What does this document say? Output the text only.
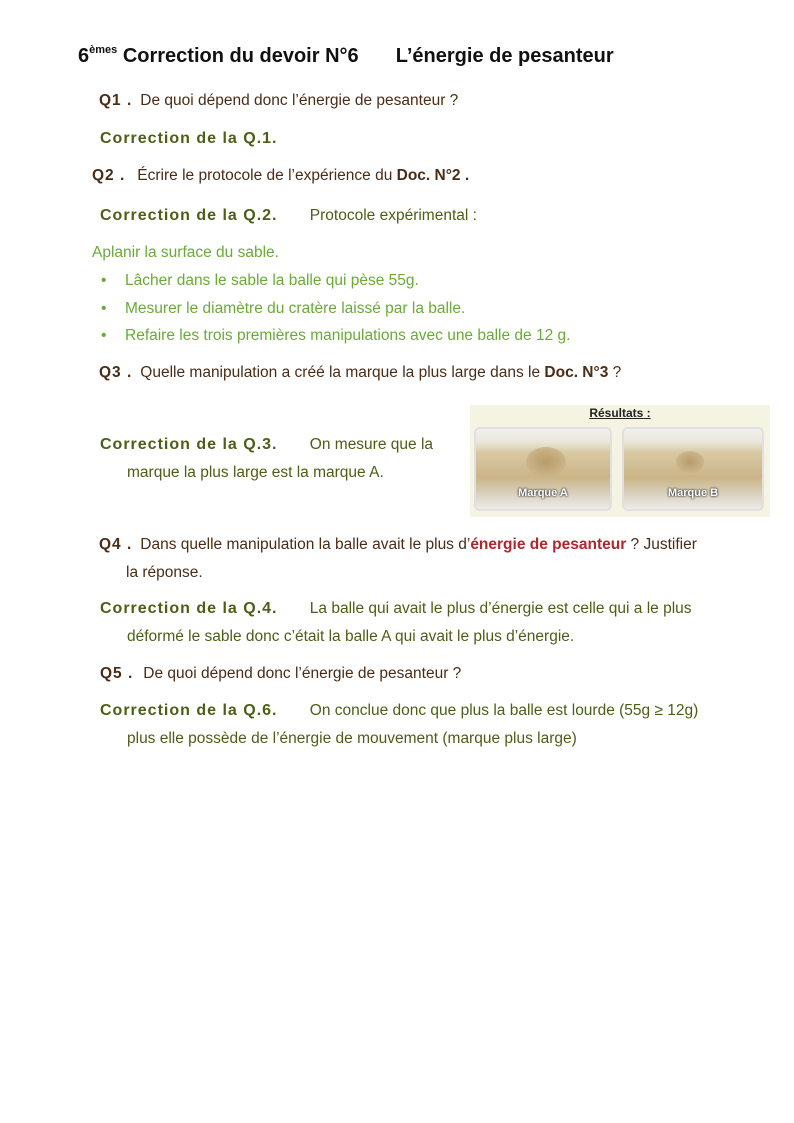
6èmes Correction du devoir N°6 L’énergie de pesanteur
Q1 . De quoi dépend donc l’énergie de pesanteur ?
Correction de la Q.1.
Q2 . Écrire le protocole de l’expérience du Doc. N°2 .
Correction de la Q.2. Protocole expérimental :
Aplanir la surface du sable.
• Lâcher dans le sable la balle qui pèse 55g.
• Mesurer le diamètre du cratère laissé par la balle.
• Refaire les trois premières manipulations avec une balle de 12 g.
Q3 . Quelle manipulation a créé la marque la plus large dans le Doc. N°3 ?
Correction de la Q.3. On mesure que la
marque la plus large est la marque A.
Résultats :
Marque A	Marque B
Q4 . Dans quelle manipulation la balle avait le plus d’énergie de pesanteur ? Justifier
la réponse.
Correction de la Q.4. La balle qui avait le plus d’énergie est celle qui a le plus
déformé le sable donc c’était la balle A qui avait le plus d’énergie.
Q5 . De quoi dépend donc l’énergie de pesanteur ?
Correction de la Q.6. On conclue donc que plus la balle est lourde (55g ≥ 12g)
plus elle possède de l’énergie de mouvement (marque plus large)
